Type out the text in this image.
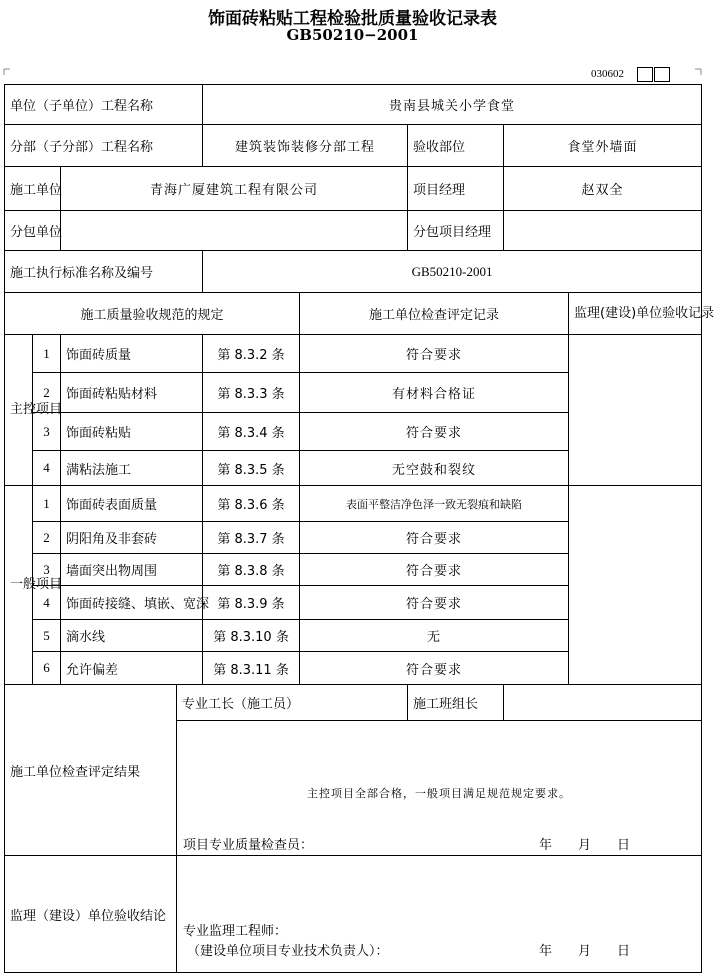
饰面砖粘贴工程检验批质量验收记录表
GB50210−2001
030602
单位（子单位）工程名称				贵南县城关小学食堂				
分部（子分部）工程名称				建筑装饰装修分部工程		验收部位	食堂外墙面	
施工单位		青海广厦建筑工程有限公司				项目经理	赵双全	
分包单位						分包项目经理		
施工执行标准名称及编号				GB50210-2001				
施工质量验收规范的规定					施工单位检查评定记录			监理(建设)单位验收记录
主控项目	1	饰面砖质量		第 8.3.2 条	符合要求			
	2	饰面砖粘贴材料		第 8.3.3 条	有材料合格证			
	3	饰面砖粘贴		第 8.3.4 条	符合要求			
	4	满粘法施工		第 8.3.5 条	无空鼓和裂纹			
一般项目	1	饰面砖表面质量		第 8.3.6 条	表面平整洁净色泽一致无裂痕和缺陷			
	2	阴阳角及非套砖		第 8.3.7 条	符合要求			
	3	墙面突出物周围		第 8.3.8 条	符合要求			
	4	饰面砖接缝、填嵌、宽深		第 8.3.9 条	符合要求			
	5	滴水线		第 8.3.10 条	无			
	6	允许偏差		第 8.3.11 条	符合要求			
施工单位检查评定结果			专业工长（施工员）			施工班组长		

			主控项目全部合格，一般项目满足规范规定要求。
项目专业质量检查员： 年　　月　　日					

监理（建设）单位验收结论			专业监理工程师：
（建设单位项目专业技术负责人）： 年　　月　　日					
